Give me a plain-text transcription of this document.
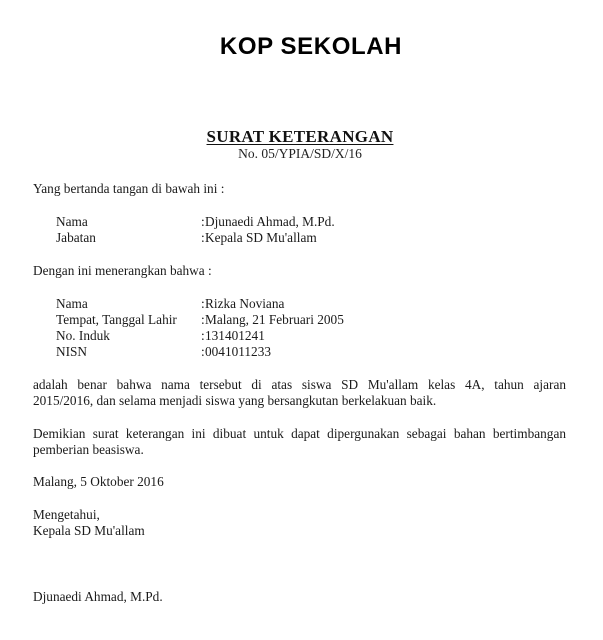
KOP SEKOLAH
SURAT KETERANGAN
No. 05/YPIA/SD/X/16
Yang bertanda tangan di bawah ini :
Nama	:Djunaedi Ahmad, M.Pd.
Jabatan	:Kepala SD Mu'allam
Dengan ini menerangkan bahwa :
Nama	:Rizka Noviana
Tempat, Tanggal Lahir :Malang, 21 Februari 2005
No. Induk	:131401241
NISN	:0041011233
adalah benar bahwa nama tersebut di atas siswa SD Mu'allam kelas 4A, tahun ajaran
2015/2016, dan selama menjadi siswa yang bersangkutan berkelakuan baik.
Demikian surat keterangan ini dibuat untuk dapat dipergunakan sebagai bahan bertimbangan
pemberian beasiswa.
Malang, 5 Oktober 2016
Mengetahui,
Kepala SD Mu'allam
Djunaedi Ahmad, M.Pd.
